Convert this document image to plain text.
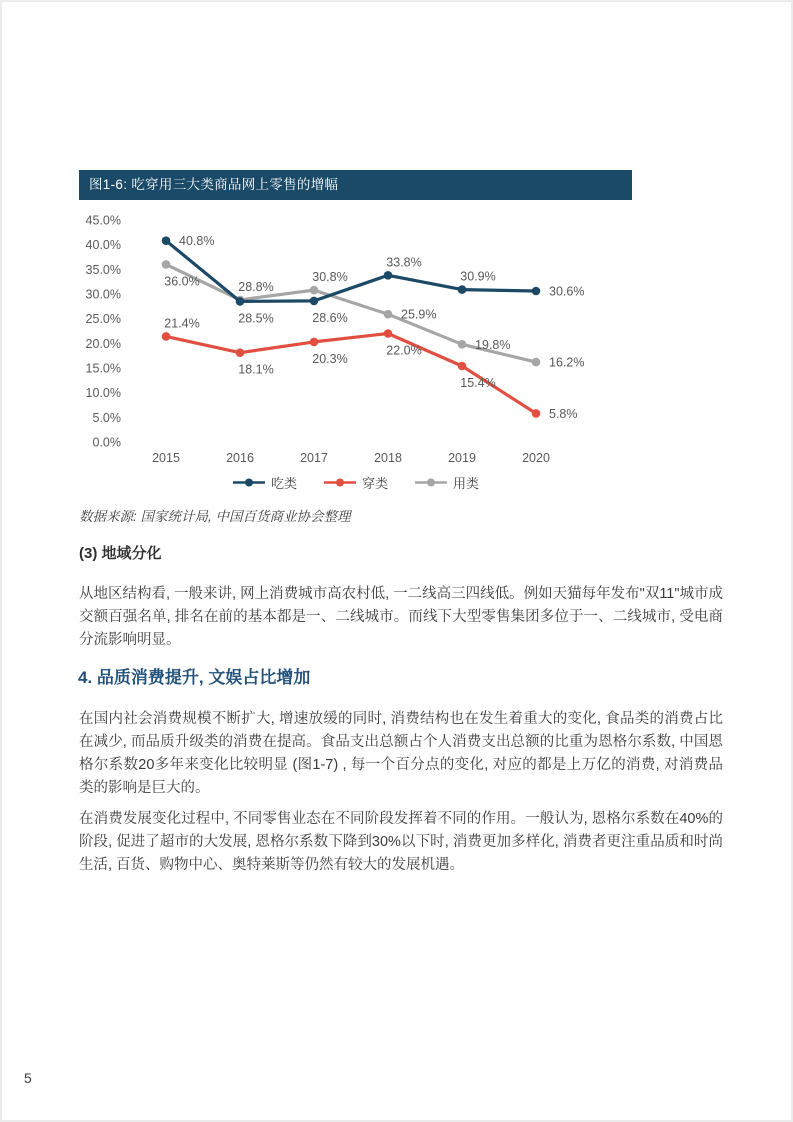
图1-6: 吃穿用三大类商品网上零售的增幅
0.0%
5.0%
10.0%
15.0%
20.0%
25.0%
30.0%
35.0%
40.0%
45.0%
2015	2016	2017	2018	2019	2020
36.0%	28.8%
30.8%
25.9%
19.8%
16.2%
21.4%
18.1%
20.3%
22.0%
15.4%
5.8%
40.8%
28.5%	28.6%
33.8%
30.9%
30.6%
吃类	穿类	用类
数据来源: 国家统计局, 中国百货商业协会整理
(3) 地域分化
从地区结构看, 一般来讲, 网上消费城市高农村低, 一二线高三四线低。例如天猫每年发布"双11"城市成交额百强名单, 排名在前的基本都是一、二线城市。而线下大型零售集团多位于一、二线城市, 受电商分流影响明显。
4. 品质消费提升, 文娱占比增加
在国内社会消费规模不断扩大, 增速放缓的同时, 消费结构也在发生着重大的变化, 食品类的消费占比在减少, 而品质升级类的消费在提高。食品支出总额占个人消费支出总额的比重为恩格尔系数, 中国恩格尔系数20多年来变化比较明显 (图1-7) , 每一个百分点的变化, 对应的都是上万亿的消费, 对消费品类的影响是巨大的。
在消费发展变化过程中, 不同零售业态在不同阶段发挥着不同的作用。一般认为, 恩格尔系数在40%的阶段, 促进了超市的大发展, 恩格尔系数下降到30%以下时, 消费更加多样化, 消费者更注重品质和时尚生活, 百货、购物中心、奥特莱斯等仍然有较大的发展机遇。
5
